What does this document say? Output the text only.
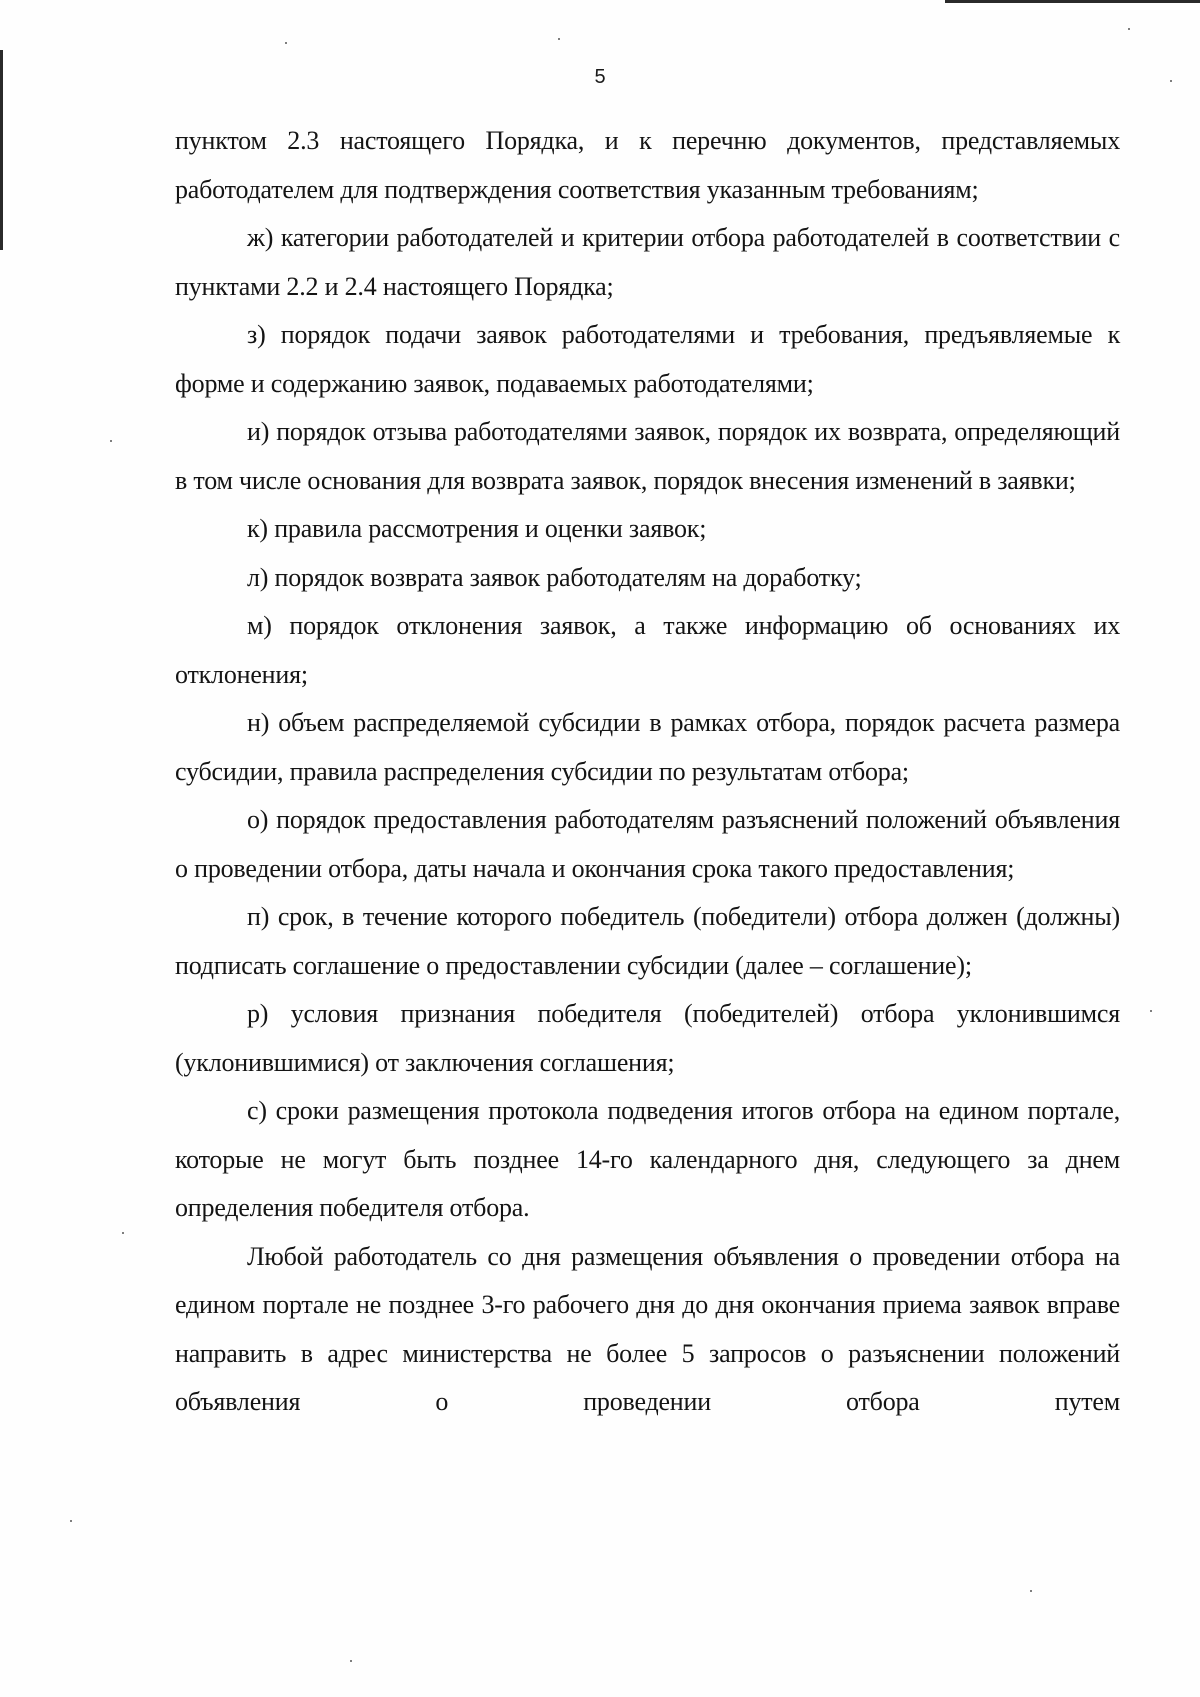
5

пунктом 2.3 настоящего Порядка, и к перечню документов, представляемых работодателем для подтверждения соответствия указанным требованиям;

ж) категории работодателей и критерии отбора работодателей в соответствии с пунктами 2.2 и 2.4 настоящего Порядка;

з) порядок подачи заявок работодателями и требования, предъявляемые к форме и содержанию заявок, подаваемых работодателями;

и) порядок отзыва работодателями заявок, порядок их возврата, определяющий в том числе основания для возврата заявок, порядок внесения изменений в заявки;

к) правила рассмотрения и оценки заявок;

л) порядок возврата заявок работодателям на доработку;

м) порядок отклонения заявок, а также информацию об основаниях их отклонения;

н) объем распределяемой субсидии в рамках отбора, порядок расчета размера субсидии, правила распределения субсидии по результатам отбора;

о) порядок предоставления работодателям разъяснений положений объявления о проведении отбора, даты начала и окончания срока такого предоставления;

п) срок, в течение которого победитель (победители) отбора должен (должны) подписать соглашение о предоставлении субсидии (далее – соглашение);

р) условия признания победителя (победителей) отбора уклонившимся (уклонившимися) от заключения соглашения;

с) сроки размещения протокола подведения итогов отбора на едином портале, которые не могут быть позднее 14-го календарного дня, следующего за днем определения победителя отбора.

Любой работодатель со дня размещения объявления о проведении отбора на едином портале не позднее 3-го рабочего дня до дня окончания приема заявок вправе направить в адрес министерства не более 5 запросов о разъяснении положений объявления о проведении отбора путем
